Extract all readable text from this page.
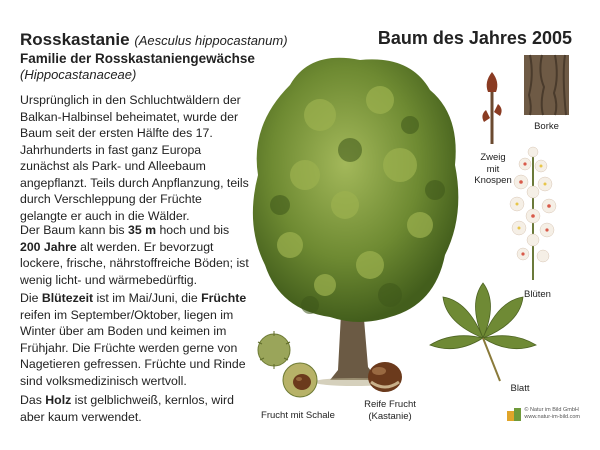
Rosskastanie (Aesculus hippocastanum)
Familie der Rosskastaniengewächse
(Hippocastanaceae)
Baum des Jahres 2005
Ursprünglich in den Schluchtwäldern der Balkan-Halbinsel beheimatet, wurde der Baum seit der ersten Hälfte des 17. Jahrhunderts in fast ganz Europa zunächst als Park- und Alleebaum angepflanzt. Teils durch Anpflanzung, teils durch Verschleppung der Früchte gelangte er auch in die Wälder.
Der Baum kann bis 35 m hoch und bis 200 Jahre alt werden. Er bevorzugt lockere, frische, nährstoffreiche Böden; ist wenig licht- und wärmebedürftig.
Die Blütezeit ist im Mai/Juni, die Früchte reifen im September/Oktober, liegen im Winter über am Boden und keimen im Frühjahr. Die Früchte werden gerne von Nagetieren gefressen. Früchte und Rinde sind volksmedizinisch wertvoll.
Das Holz ist gelblichweiß, kernlos, wird aber kaum verwendet.
Zweig
mit
Knospen
Borke
Blüten
Blatt
Frucht mit Schale
Reife Frucht
(Kastanie)
© Natur im Bild GmbH
www.natur-im-bild.com
